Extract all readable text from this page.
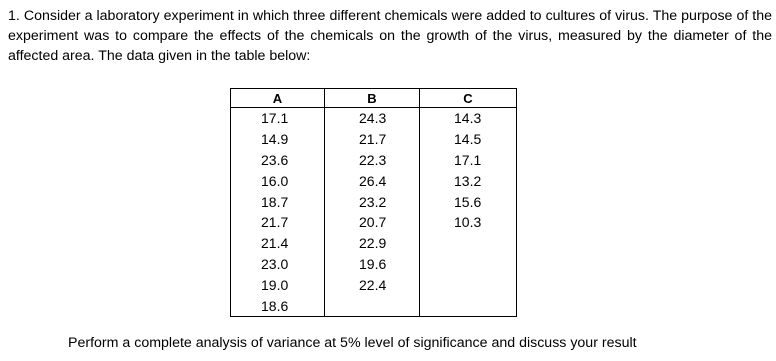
1. Consider a laboratory experiment in which three different chemicals were added to cultures of virus. The purpose of the experiment was to compare the effects of the chemicals on the growth of the virus, measured by the diameter of the affected area. The data given in the table below:

A	B	C
17.1	24.3	14.3
14.9	21.7	14.5
23.6	22.3	17.1
16.0	26.4	13.2
18.7	23.2	15.6
21.7	20.7	10.3
21.4	22.9	
23.0	19.6	
19.0	22.4	
18.6		

Perform a complete analysis of variance at 5% level of significance and discuss your result
